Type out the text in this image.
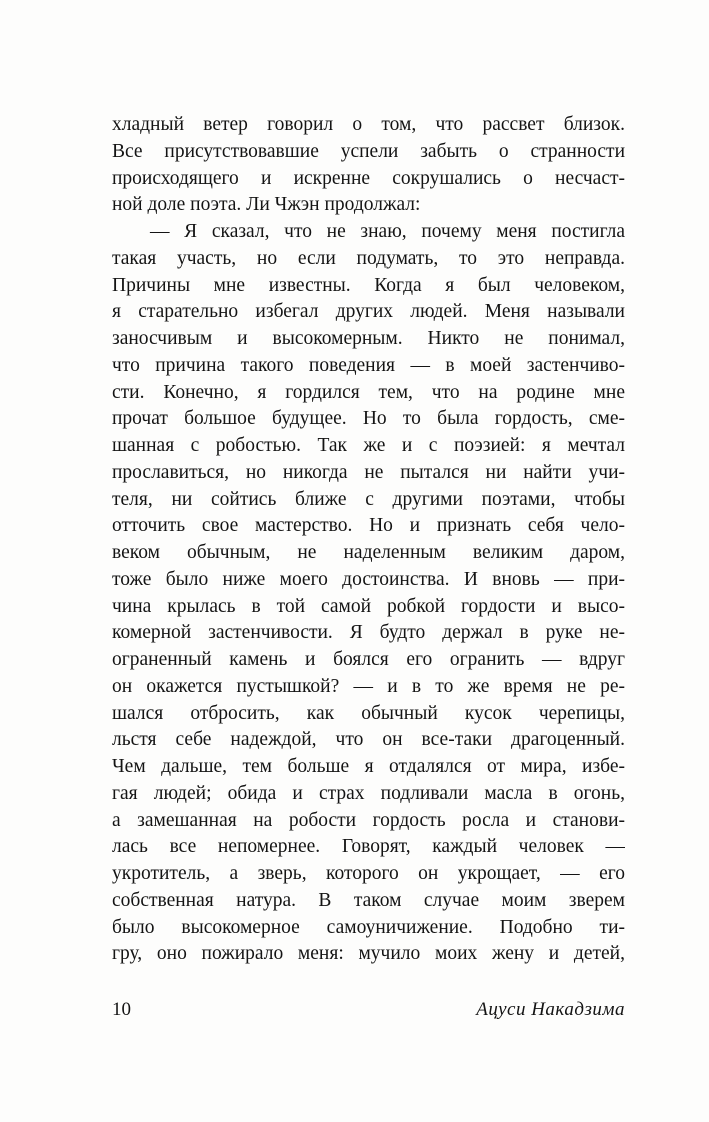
хладный ветер говорил о том, что рассвет близок.
Все присутствовавшие успели забыть о странности
происходящего и искренне сокрушались о несчаст-
ной доле поэта. Ли Чжэн продолжал:
— Я сказал, что не знаю, почему меня постигла
такая участь, но если подумать, то это неправда.
Причины мне известны. Когда я был человеком,
я старательно избегал других людей. Меня называли
заносчивым и высокомерным. Никто не понимал,
что причина такого поведения — в моей застенчиво-
сти. Конечно, я гордился тем, что на родине мне
прочат большое будущее. Но то была гордость, сме-
шанная с робостью. Так же и с поэзией: я мечтал
прославиться, но никогда не пытался ни найти учи-
теля, ни сойтись ближе с другими поэтами, чтобы
отточить свое мастерство. Но и признать себя чело-
веком обычным, не наделенным великим даром,
тоже было ниже моего достоинства. И вновь — при-
чина крылась в той самой робкой гордости и высо-
комерной застенчивости. Я будто держал в руке не-
ограненный камень и боялся его огранить — вдруг
он окажется пустышкой? — и в то же время не ре-
шался отбросить, как обычный кусок черепицы,
льстя себе надеждой, что он все-таки драгоценный.
Чем дальше, тем больше я отдалялся от мира, избе-
гая людей; обида и страх подливали масла в огонь,
а замешанная на робости гордость росла и станови-
лась все непомернее. Говорят, каждый человек —
укротитель, а зверь, которого он укрощает, — его
собственная натура. В таком случае моим зверем
было высокомерное самоуничижение. Подобно ти-
гру, оно пожирало меня: мучило моих жену и детей,
10	Ацуси Накадзима
